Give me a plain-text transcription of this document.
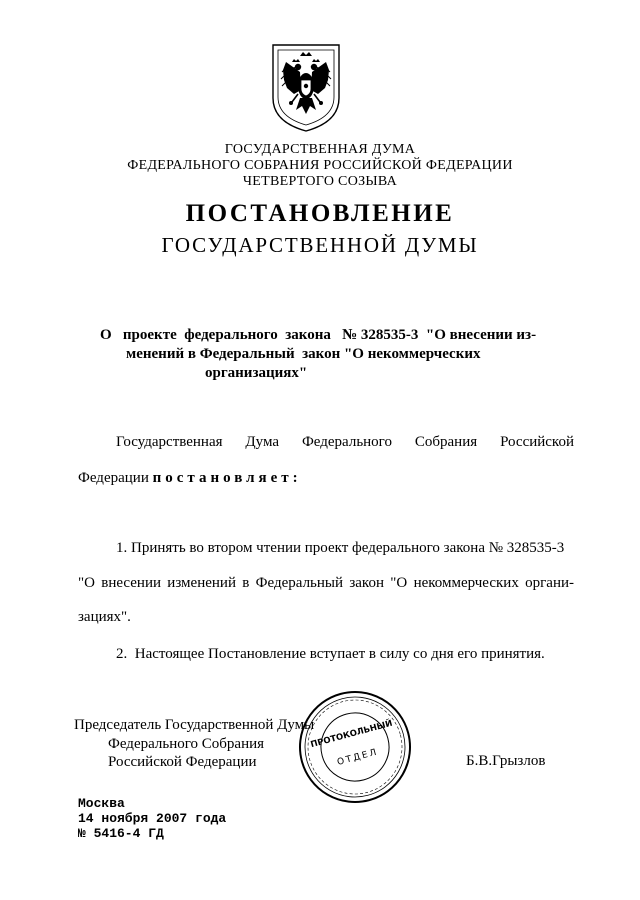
ГОСУДАРСТВЕННАЯ ДУМА
ФЕДЕРАЛЬНОГО СОБРАНИЯ РОССИЙСКОЙ ФЕДЕРАЦИИ
ЧЕТВЕРТОГО СОЗЫВА
ПОСТАНОВЛЕНИЕ
ГОСУДАРСТВЕННОЙ ДУМЫ
О   проекте  федерального  закона   № 328535-3  "О внесении из-
менений в Федеральный  закон "О некоммерческих
организациях"
Государственная Дума Федерального Собрания Российской
Федерации постановляет:
1. Принять во втором чтении проект федерального закона № 328535-3
"О внесении изменений в Федеральный закон "О некоммерческих органи-
зациях".
2.  Настоящее Постановление вступает в силу со дня его принятия.
Председатель Государственной Думы
Федерального Собрания
Российской Федерации	Б.В.Грызлов
ПРОТОКОЛЬНЫЙ
ОТДЕЛ
Москва
14 ноября 2007 года
№ 5416-4 ГД
